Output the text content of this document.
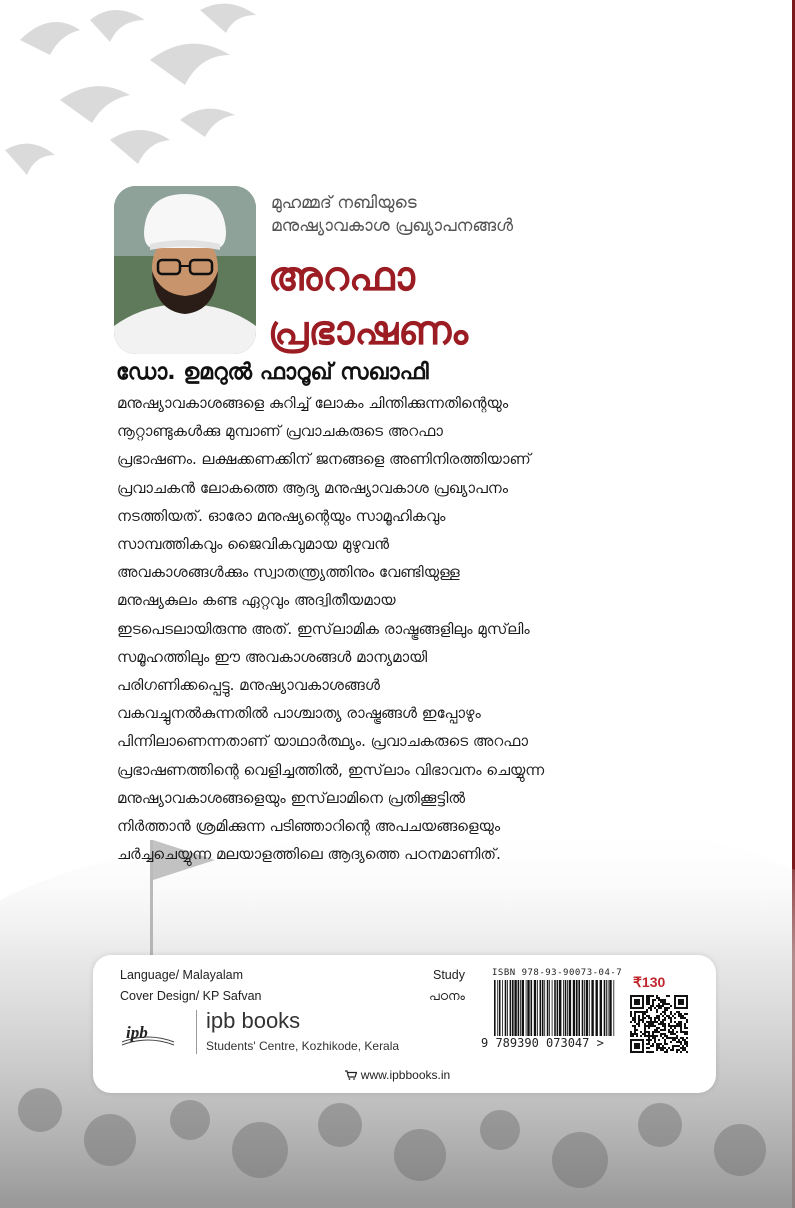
മുഹമ്മദ് നബിയുടെ
മനുഷ്യാവകാശ പ്രഖ്യാപനങ്ങൾ
അറഫാ
പ്രഭാഷണം
ഡോ. ഉമറുൽ ഫാറൂഖ് സഖാഫി
മനുഷ്യാവകാശങ്ങളെ കുറിച്ച് ലോകം ചിന്തിക്കുന്നതിന്റെയും
നൂറ്റാണ്ടുകൾക്കു മുമ്പാണ് പ്രവാചകരുടെ അറഫാ
പ്രഭാഷണം. ലക്ഷക്കണക്കിന് ജനങ്ങളെ അണിനിരത്തിയാണ്
പ്രവാചകൻ ലോകത്തെ ആദ്യ മനുഷ്യാവകാശ പ്രഖ്യാപനം
നടത്തിയത്. ഓരോ മനുഷ്യന്റെയും സാമൂഹികവും
സാമ്പത്തികവും ജൈവികവുമായ മുഴുവൻ
അവകാശങ്ങൾക്കും സ്വാതന്ത്ര്യത്തിനും വേണ്ടിയുള്ള
മനുഷ്യകുലം കണ്ട ഏറ്റവും അദ്വിതീയമായ
ഇടപെടലായിരുന്നു അത്. ഇസ്‌ലാമിക രാഷ്ട്രങ്ങളിലും മുസ്‌ലിം
സമൂഹത്തിലും ഈ അവകാശങ്ങൾ മാന്യമായി
പരിഗണിക്കപ്പെട്ടു. മനുഷ്യാവകാശങ്ങൾ
വകവച്ചുനൽകുന്നതിൽ പാശ്ചാത്യ രാഷ്ട്രങ്ങൾ ഇപ്പോഴും
പിന്നിലാണെന്നതാണ് യാഥാർത്ഥ്യം. പ്രവാചകരുടെ അറഫാ
പ്രഭാഷണത്തിന്റെ വെളിച്ചത്തിൽ, ഇസ്‌ലാം വിഭാവനം ചെയ്യുന്ന
മനുഷ്യാവകാശങ്ങളെയും ഇസ്‌ലാമിനെ പ്രതിക്കൂട്ടിൽ
നിർത്താൻ ശ്രമിക്കുന്ന പടിഞ്ഞാറിന്റെ അപചയങ്ങളെയും
ചർച്ചചെയ്യുന്ന മലയാളത്തിലെ ആദ്യത്തെ പഠനമാണിത്.
Language/ Malayalam
Cover Design/ KP Safvan
Study
പഠനം
ipb	ipb books
Students' Centre, Kozhikode, Kerala
ISBN 978-93-90073-04-7
9 789390 073047 >
₹130
www.ipbbooks.in
